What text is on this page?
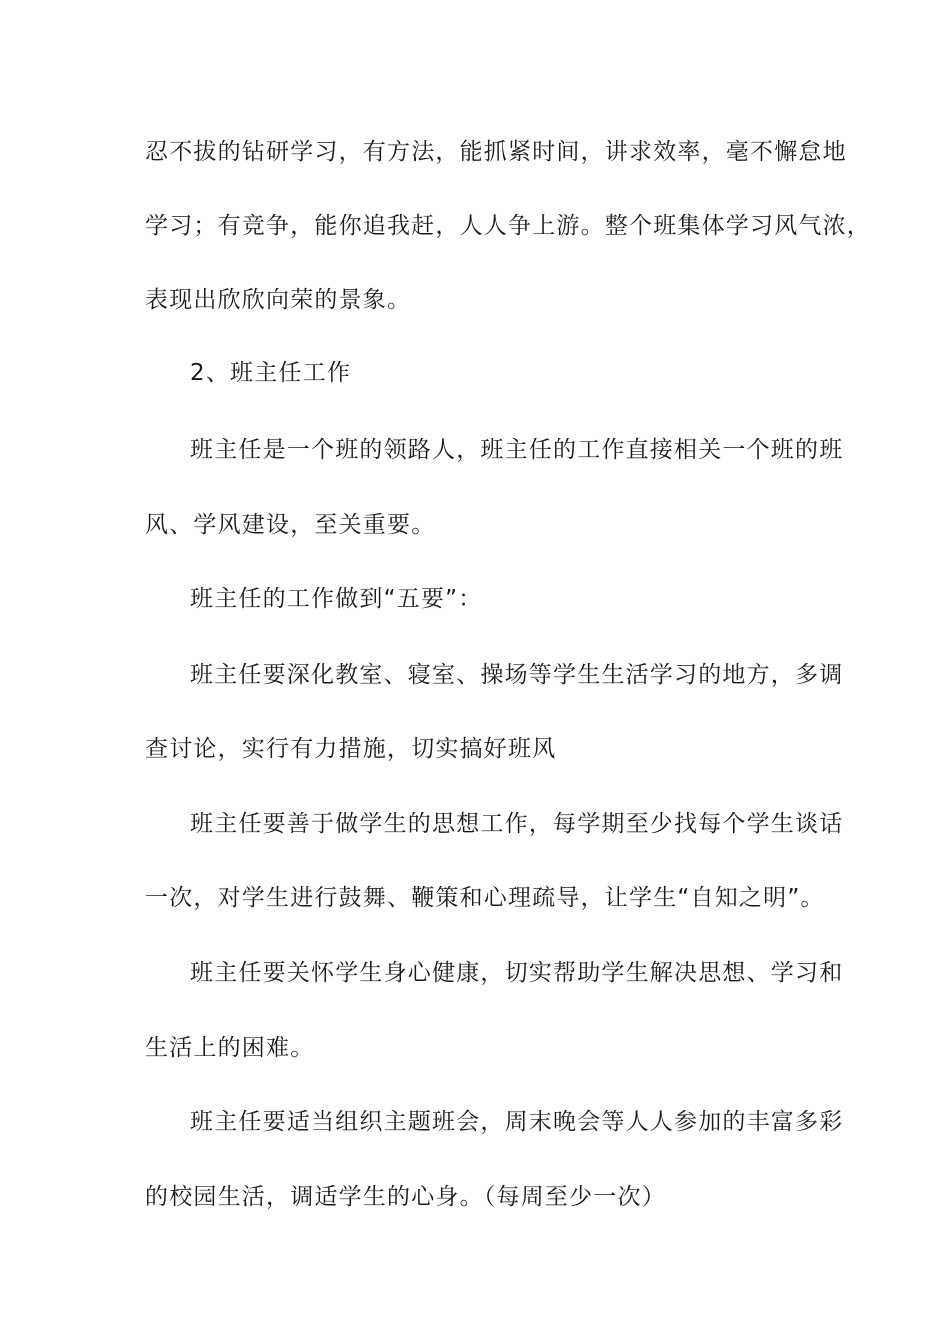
忍不拔的钻研学习，有方法，能抓紧时间，讲求效率，毫不懈怠地
学习；有竞争，能你追我赶，人人争上游。整个班集体学习风气浓，
表现出欣欣向荣的景象。
2、班主任工作
班主任是一个班的领路人，班主任的工作直接相关一个班的班
风、学风建设，至关重要。
班主任的工作做到“五要”：
班主任要深化教室、寝室、操场等学生生活学习的地方，多调
查讨论，实行有力措施，切实搞好班风
班主任要善于做学生的思想工作，每学期至少找每个学生谈话
一次，对学生进行鼓舞、鞭策和心理疏导，让学生“自知之明”。
班主任要关怀学生身心健康，切实帮助学生解决思想、学习和
生活上的困难。
班主任要适当组织主题班会，周末晚会等人人参加的丰富多彩
的校园生活，调适学生的心身。（每周至少一次）
